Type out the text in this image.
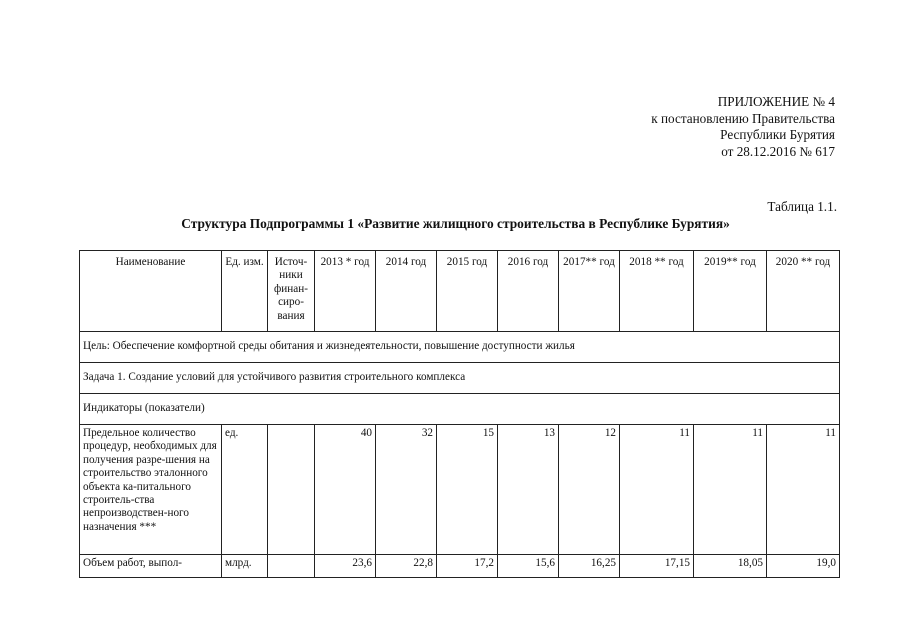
ПРИЛОЖЕНИЕ № 4
к постановлению Правительства
Республики Бурятия
от 28.12.2016 № 617
Таблица 1.1.
Структура Подпрограммы 1 «Развитие жилищного строительства в Республике Бурятия»
Наименование	Ед. изм.	Источ-ники финан-сиро-вания	2013 * год	2014 год	2015 год	2016 год	2017** год	2018 ** год	2019** год	2020 ** год
Цель: Обеспечение комфортной среды обитания и жизнедеятельности, повышение доступности жилья										
Задача 1. Создание условий для устойчивого развития строительного комплекса										
Индикаторы (показатели)										
Предельное количество процедур, необходимых для получения разре-шения на строительство эталонного объекта ка-питального строитель-ства непроизводствен-ного назначения ***	ед.		40	32	15	13	12	11	11	11
Объем работ, выпол-	млрд.		23,6	22,8	17,2	15,6	16,25	17,15	18,05	19,0
